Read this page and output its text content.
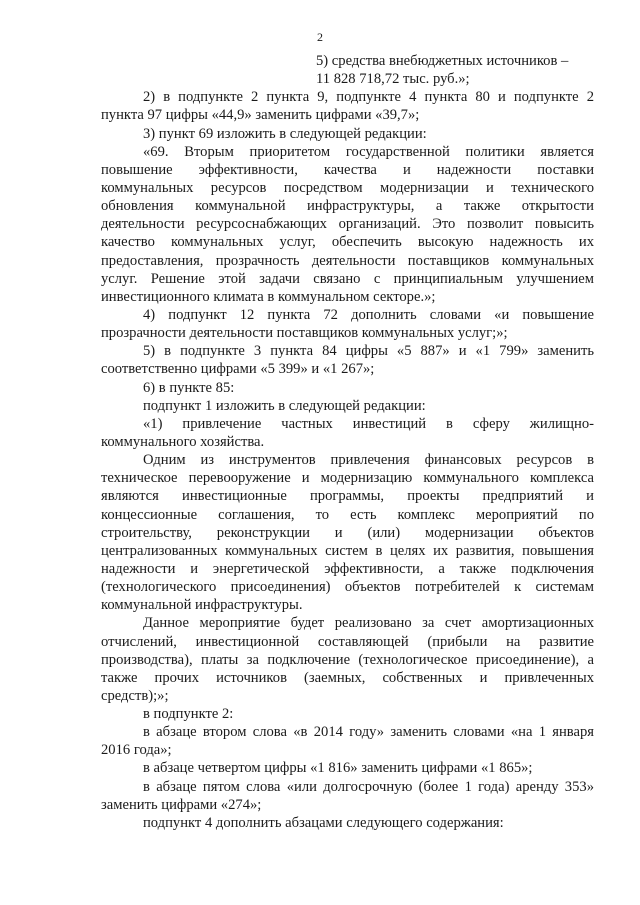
2
5) средства внебюджетных источников –
11 828 718,72 тыс. руб.»;
2) в подпункте 2 пункта 9, подпункте 4 пункта 80 и подпункте 2
пункта 97 цифры «44,9» заменить цифрами «39,7»;
3) пункт 69 изложить в следующей редакции:
«69. Вторым приоритетом государственной политики является
повышение эффективности, качества и надежности поставки
коммунальных ресурсов посредством модернизации и технического
обновления коммунальной инфраструктуры, а также открытости
деятельности ресурсоснабжающих организаций. Это позволит повысить
качество коммунальных услуг, обеспечить высокую надежность их
предоставления, прозрачность деятельности поставщиков коммунальных
услуг. Решение этой задачи связано с принципиальным улучшением
инвестиционного климата в коммунальном секторе.»;
4) подпункт 12 пункта 72 дополнить словами «и повышение
прозрачности деятельности поставщиков коммунальных услуг;»;
5) в подпункте 3 пункта 84 цифры «5 887» и «1 799» заменить
соответственно цифрами «5 399» и «1 267»;
6) в пункте 85:
подпункт 1 изложить в следующей редакции:
«1) привлечение частных инвестиций в сферу жилищно-
коммунального хозяйства.
Одним из инструментов привлечения финансовых ресурсов в
техническое перевооружение и модернизацию коммунального комплекса
являются инвестиционные программы, проекты предприятий и
концессионные соглашения, то есть комплекс мероприятий по
строительству, реконструкции и (или) модернизации объектов
централизованных коммунальных систем в целях их развития, повышения
надежности и энергетической эффективности, а также подключения
(технологического присоединения) объектов потребителей к системам
коммунальной инфраструктуры.
Данное мероприятие будет реализовано за счет амортизационных
отчислений, инвестиционной составляющей (прибыли на развитие
производства), платы за подключение (технологическое присоединение), а
также прочих источников (заемных, собственных и привлеченных
средств);»;
в подпункте 2:
в абзаце втором слова «в 2014 году» заменить словами «на 1 января
2016 года»;
в абзаце четвертом цифры «1 816» заменить цифрами «1 865»;
в абзаце пятом слова «или долгосрочную (более 1 года) аренду 353»
заменить цифрами «274»;
подпункт 4 дополнить абзацами следующего содержания:
